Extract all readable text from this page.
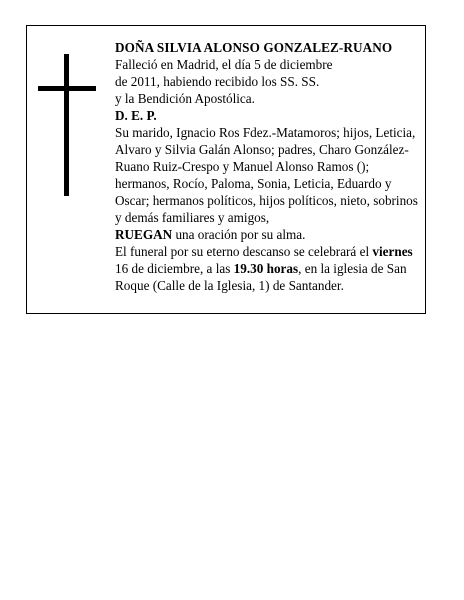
DOÑA SILVIA ALONSO GONZALEZ-RUANO

Falleció en Madrid, el día 5 de diciembre

de 2011, habiendo recibido los SS. SS.

y la Bendición Apostólica.

D. E. P.

Su marido, Ignacio Ros Fdez.-Matamoros; hijos, Leticia, Alvaro y Silvia Galán Alonso; padres, Charo González-Ruano Ruiz-Crespo y Manuel Alonso Ramos (); hermanos, Rocío, Paloma, Sonia, Leticia, Eduardo y Oscar; hermanos políticos, hijos políticos, nieto, sobrinos y demás familiares y amigos,

RUEGAN una oración por su alma.

El funeral por su eterno descanso se celebrará el viernes 16 de diciembre, a las 19.30 horas, en la iglesia de San Roque (Calle de la Iglesia, 1) de Santander.
